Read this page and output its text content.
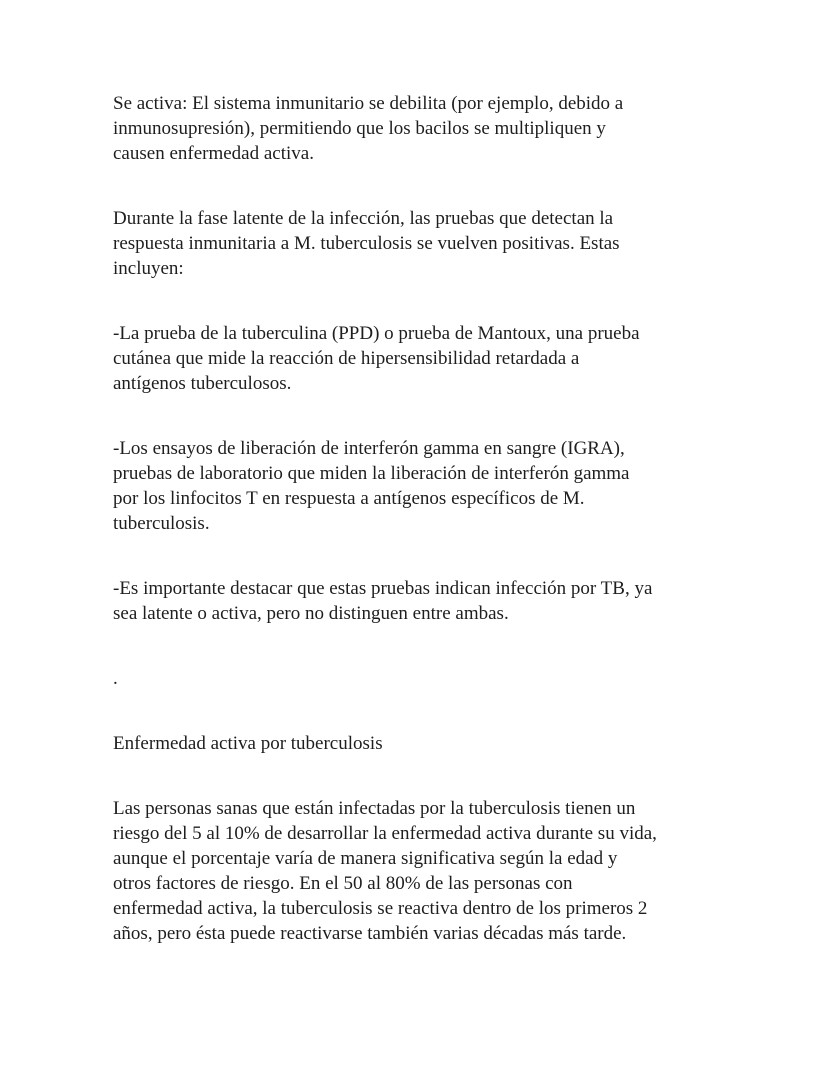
Se activa: El sistema inmunitario se debilita (por ejemplo, debido a
inmunosupresión), permitiendo que los bacilos se multipliquen y
causen enfermedad activa.
Durante la fase latente de la infección, las pruebas que detectan la
respuesta inmunitaria a M. tuberculosis se vuelven positivas. Estas
incluyen:
-La prueba de la tuberculina (PPD) o prueba de Mantoux, una prueba
cutánea que mide la reacción de hipersensibilidad retardada a
antígenos tuberculosos.
-Los ensayos de liberación de interferón gamma en sangre (IGRA),
pruebas de laboratorio que miden la liberación de interferón gamma
por los linfocitos T en respuesta a antígenos específicos de M.
tuberculosis.
-Es importante destacar que estas pruebas indican infección por TB, ya
sea latente o activa, pero no distinguen entre ambas.
.
Enfermedad activa por tuberculosis
Las personas sanas que están infectadas por la tuberculosis tienen un
riesgo del 5 al 10% de desarrollar la enfermedad activa durante su vida,
aunque el porcentaje varía de manera significativa según la edad y
otros factores de riesgo. En el 50 al 80% de las personas con
enfermedad activa, la tuberculosis se reactiva dentro de los primeros 2
años, pero ésta puede reactivarse también varias décadas más tarde.
